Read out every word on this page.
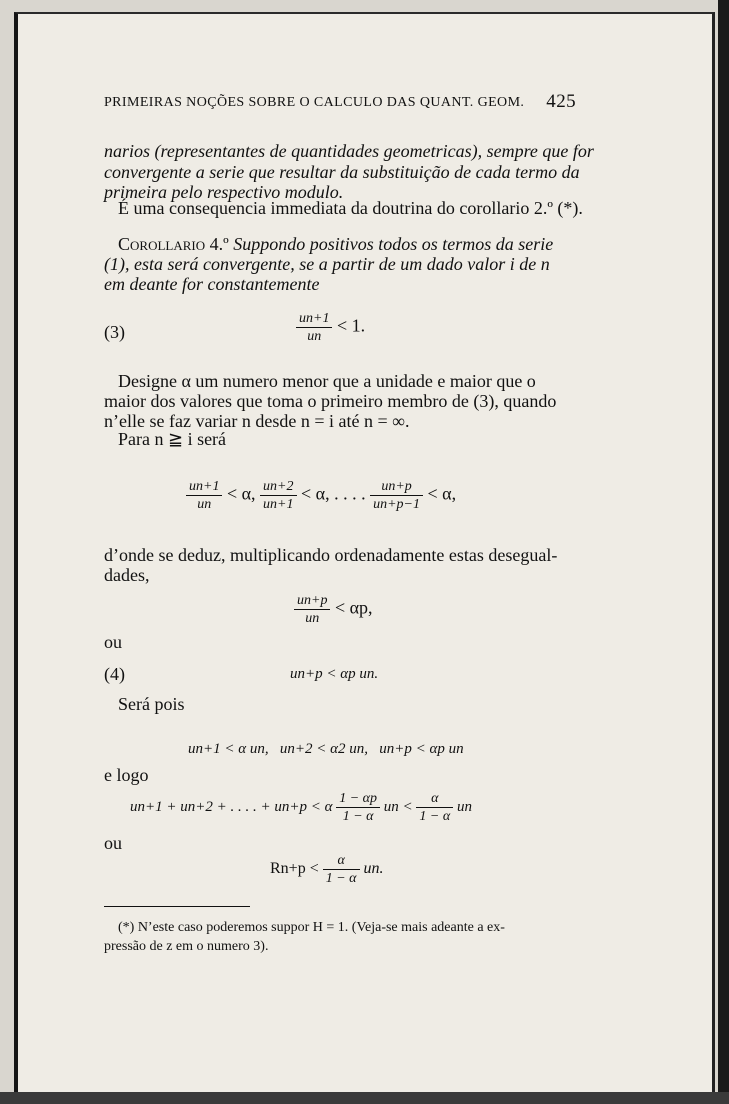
PRIMEIRAS NOÇÕES SOBRE O CALCULO DAS QUANT. GEOM. 425
narios (representantes de quantidades geometricas), sempre que for
convergente a serie que resultar da substituição de cada termo da
primeira pelo respectivo modulo.
É uma consequencia immediata da doutrina do corollario 2.º (*).
Corollario 4.º Suppondo positivos todos os termos da serie
(1), esta será convergente, se a partir de um dado valor i de n
em deante for constantemente
(3)	$\frac{un+1}{un} < 1$.
Designe α um numero menor que a unidade e maior que o
maior dos valores que toma o primeiro membro de (3), quando
n’elle se faz variar n desde n = i até n = ∞.
Para n ≧ i será
$\frac{un+1}{un} < \alpha$, $\frac{un+2}{un+1} < \alpha$, . . . . $\frac{un+p}{un+p-1} < \alpha$,
d’onde se deduz, multiplicando ordenadamente estas desegual-
dades,
$\frac{un+p}{un} < \alpha p$,
ou
(4)	un+p < αp un.
Será pois
un+1 < α un,   un+2 < α2 un,   un+p < αp un
e logo
un+1 + un+2 + . . . . + un+p < α $\frac{1 - \alpha p}{1 - \alpha}$ un < $\frac{\alpha}{1 - \alpha}$ un
ou
$Rn+p < \frac{\alpha}{1 - \alpha}$ un.
(*) N’este caso poderemos suppor H = 1. (Veja-se mais adeante a ex-
pressão de z em o numero 3).
